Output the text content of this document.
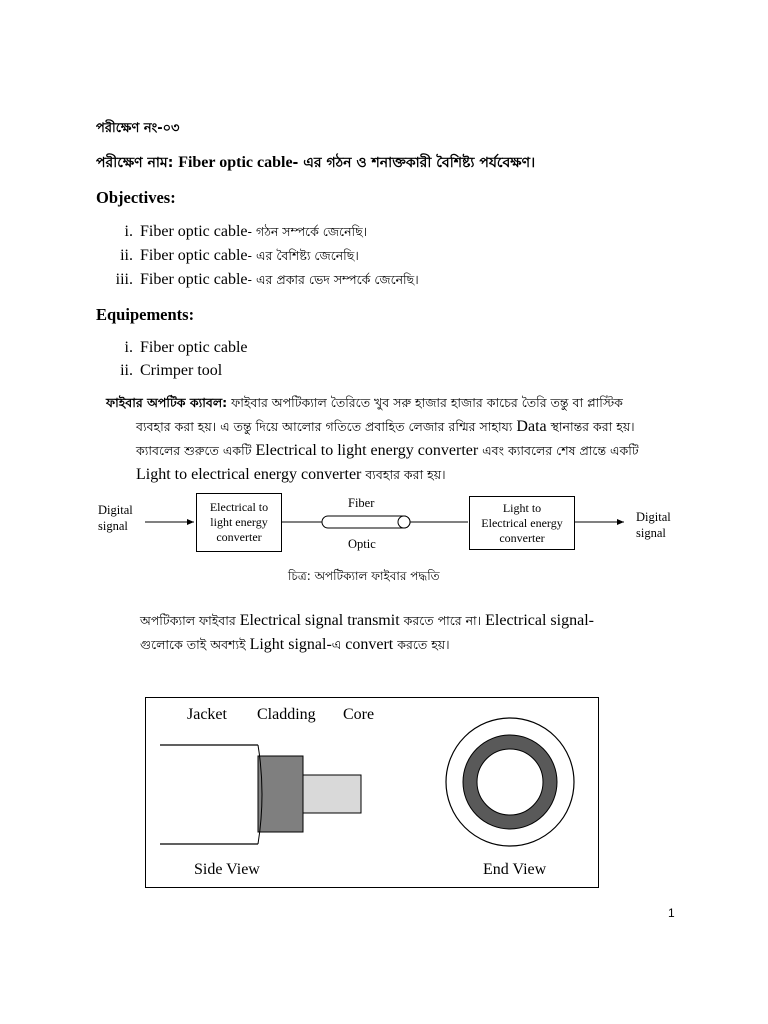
পরীক্ষেণ নং-০৩
পরীক্ষেণ নাম: Fiber optic cable- এর গঠন ও শনাক্তকারী বৈশিষ্ট্য পর্যবেক্ষণ।
Objectives:
i. Fiber optic cable- গঠন সম্পর্কে জেনেছি।
ii. Fiber optic cable- এর বৈশিষ্ট্য জেনেছি।
iii. Fiber optic cable- এর প্রকার ভেদ সম্পর্কে জেনেছি।
Equipements:
i. Fiber optic cable
ii. Crimper tool
ফাইবার অপটিক ক্যাবল: ফাইবার অপটিক্যাল তৈরিতে খুব সরু হাজার হাজার কাচের তৈরি তন্তু বা প্লাস্টিক
ব্যবহার করা হয়। এ তন্তু দিয়ে আলোর গতিতে প্রবাহিত লেজার রশ্মির সাহায্য Data স্থানান্তর করা হয়।
ক্যাবলের শুরুতে একটি Electrical to light energy converter এবং ক্যাবলের শেষ প্রান্তে একটি
Light to electrical energy converter ব্যবহার করা হয়।
Digital
signal
Electrical to
light energy
converter
Fiber
Optic
Light to
Electrical energy
converter
Digital
signal
চিত্র: অপটিক্যাল ফাইবার পদ্ধতি
অপটিক্যাল ফাইবার Electrical signal transmit করতে পারে না। Electrical signal-
গুলোকে তাই অবশ্যই Light signal-এ convert করতে হয়।
Jacket Cladding Core
Side View	End View
1
